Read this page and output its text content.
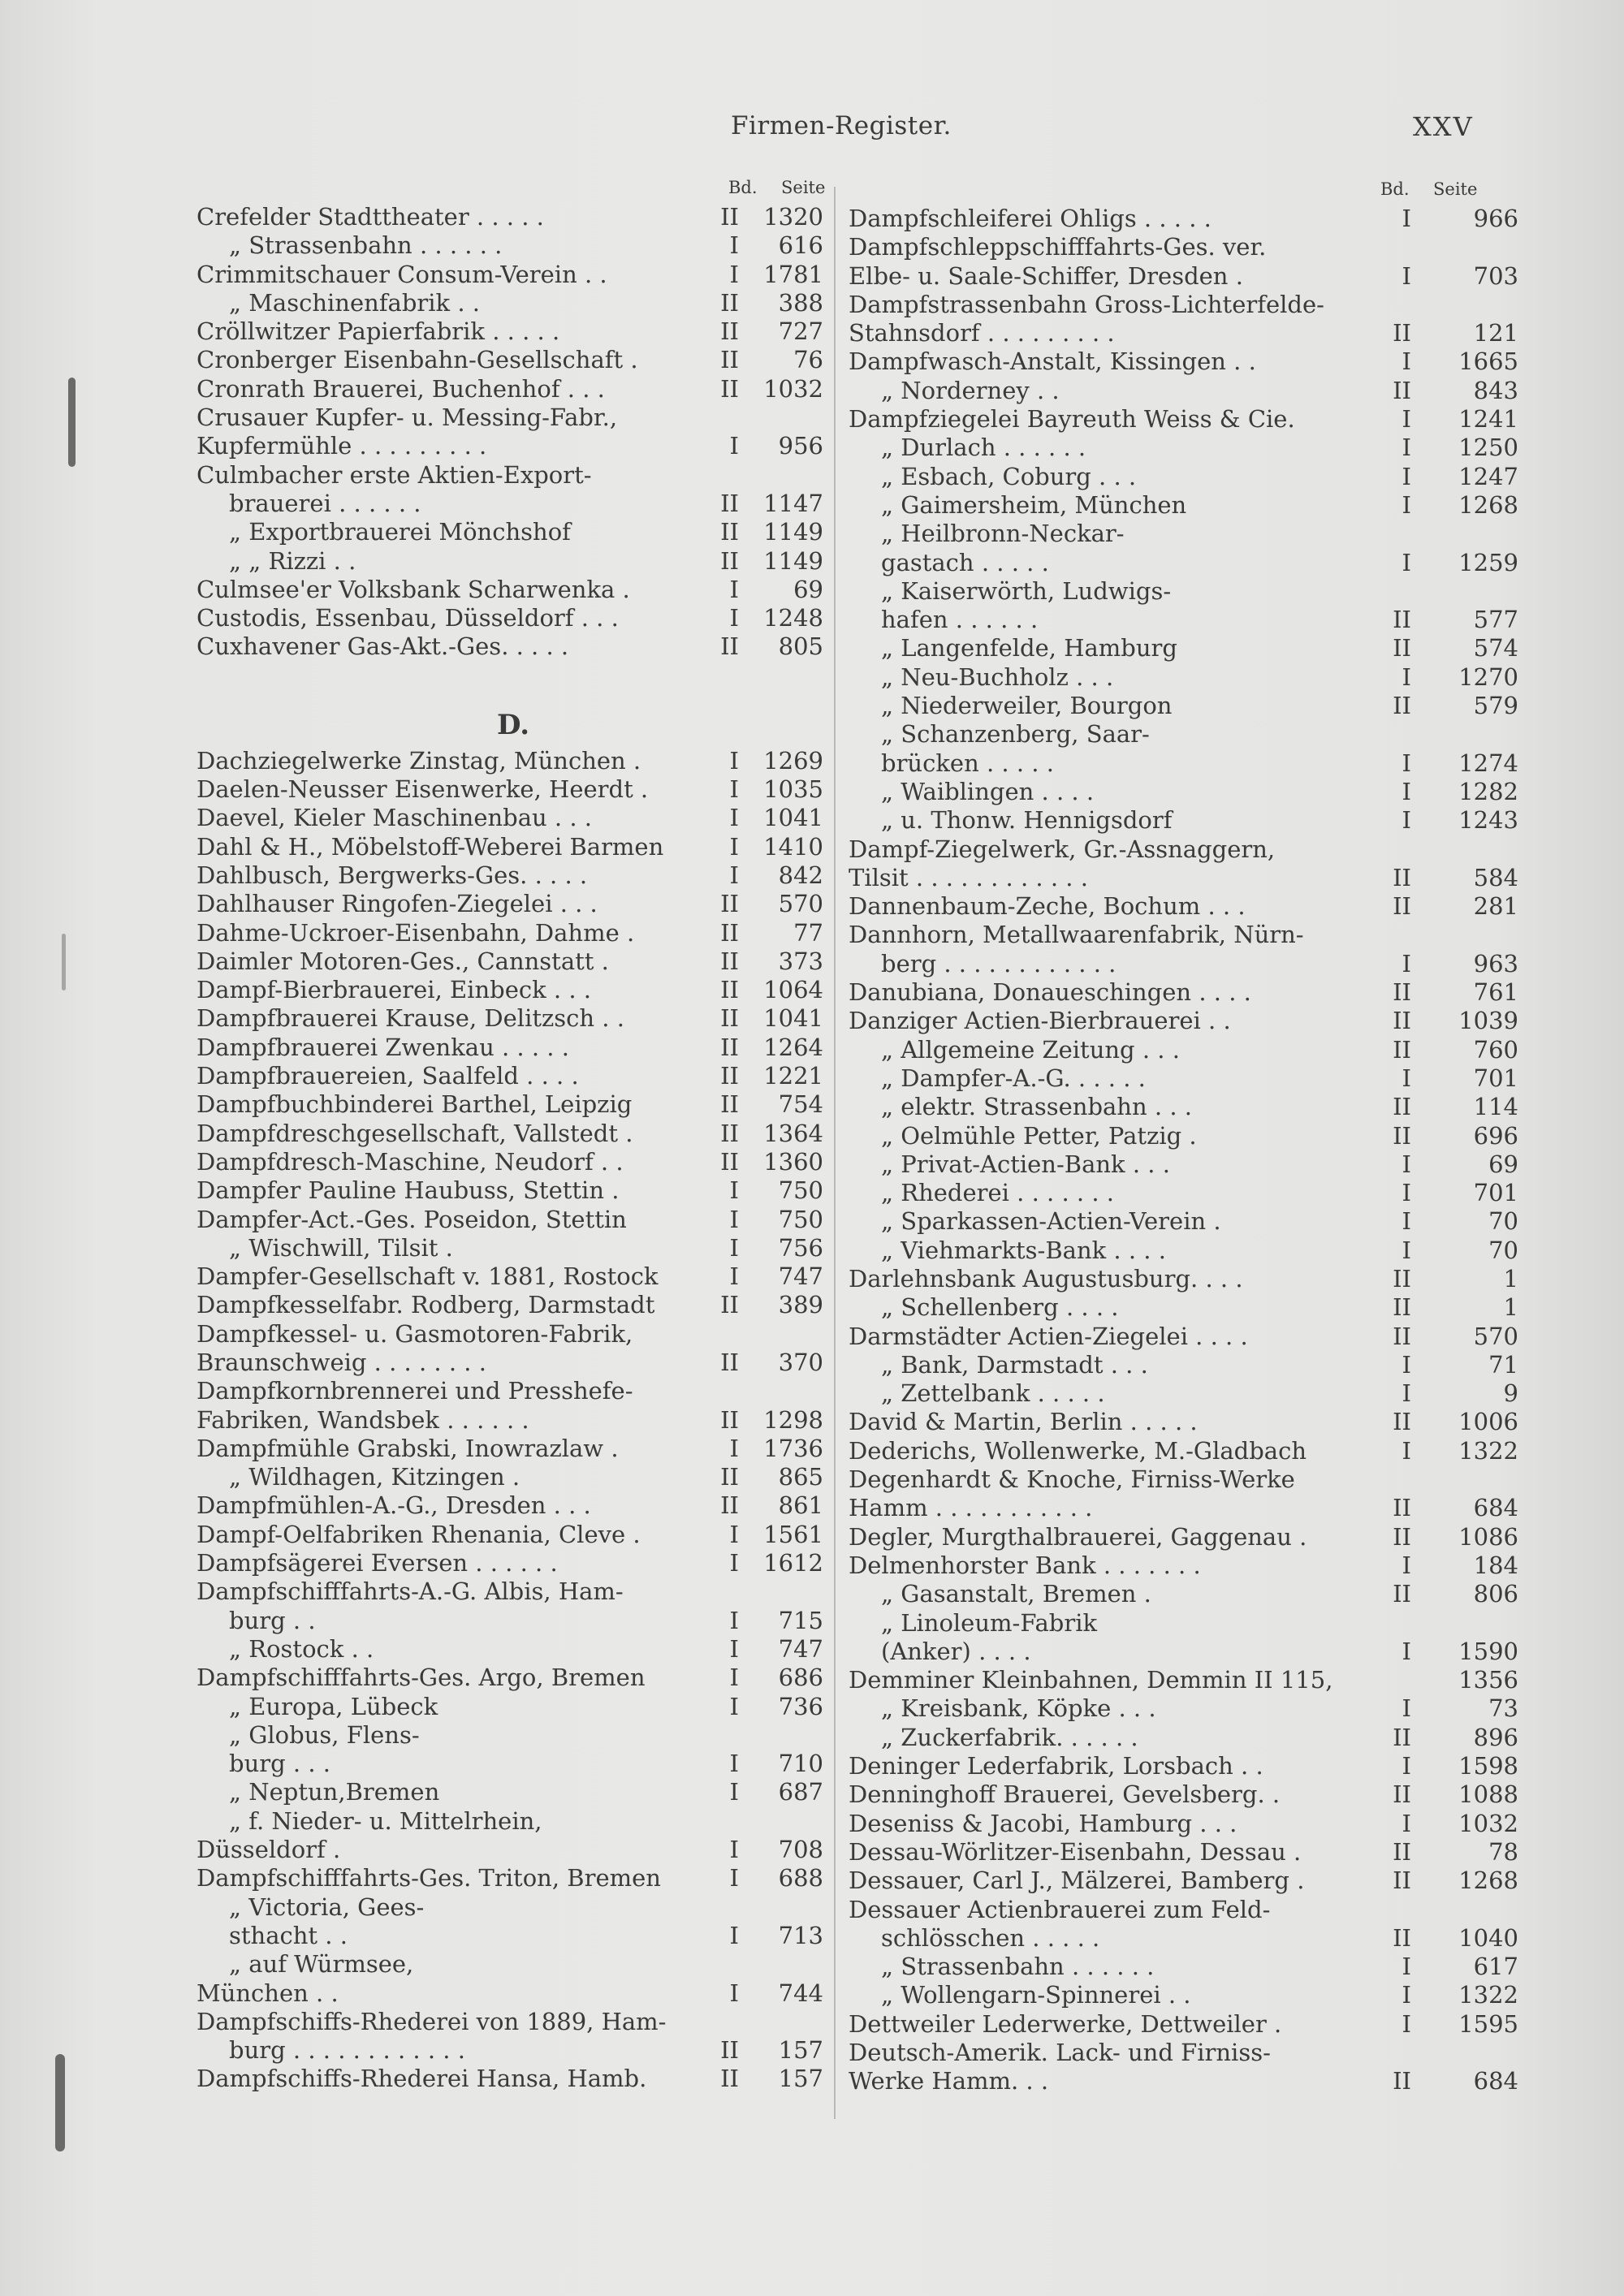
Firmen-Register.	XXV
Bd. Seite	Bd. Seite
Crefelder Stadttheater . . . . .	II	1320
„ Strassenbahn . . . . . .	I	616
Crimmitschauer Consum-Verein . .	I	1781
„ Maschinenfabrik . .	II	388
Cröllwitzer Papierfabrik . . . . .	II	727
Cronberger Eisenbahn-Gesellschaft .	II	76
Cronrath Brauerei, Buchenhof . . .	II	1032
Crusauer Kupfer- u. Messing-Fabr.,
Kupfermühle . . . . . . . . .	I	956
Culmbacher erste Aktien-Export-
brauerei . . . . . .	II	1147
„ Exportbrauerei Mönchshof	II	1149
„ „ Rizzi . .	II	1149
Culmsee'er Volksbank Scharwenka .	I	69
Custodis, Essenbau, Düsseldorf . . .	I	1248
Cuxhavener Gas-Akt.-Ges. . . . .	II	805
Dachziegelwerke Zinstag, München .	I	1269
Daelen-Neusser Eisenwerke, Heerdt .	I	1035
Daevel, Kieler Maschinenbau . . .	I	1041
Dahl & H., Möbelstoff-Weberei Barmen	I	1410
Dahlbusch, Bergwerks-Ges. . . . .	I	842
Dahlhauser Ringofen-Ziegelei . . .	II	570
Dahme-Uckroer-Eisenbahn, Dahme .	II	77
Daimler Motoren-Ges., Cannstatt .	II	373
Dampf-Bierbrauerei, Einbeck . . .	II	1064
Dampfbrauerei Krause, Delitzsch . .	II	1041
Dampfbrauerei Zwenkau . . . . .	II	1264
Dampfbrauereien, Saalfeld . . . .	II	1221
Dampfbuchbinderei Barthel, Leipzig	II	754
Dampfdreschgesellschaft, Vallstedt .	II	1364
Dampfdresch-Maschine, Neudorf . .	II	1360
Dampfer Pauline Haubuss, Stettin .	I	750
Dampfer-Act.-Ges. Poseidon, Stettin	I	750
„ Wischwill, Tilsit .	I	756
Dampfer-Gesellschaft v. 1881, Rostock	I	747
Dampfkesselfabr. Rodberg, Darmstadt	II	389
Dampfkessel- u. Gasmotoren-Fabrik,
Braunschweig . . . . . . . .	II	370
Dampfkornbrennerei und Presshefe-
Fabriken, Wandsbek . . . . . .	II	1298
Dampfmühle Grabski, Inowrazlaw .	I	1736
„ Wildhagen, Kitzingen .	II	865
Dampfmühlen-A.-G., Dresden . . .	II	861
Dampf-Oelfabriken Rhenania, Cleve .	I	1561
Dampfsägerei Eversen . . . . . .	I	1612
Dampfschifffahrts-A.-G. Albis, Ham-
burg . .	I	715
„ Rostock . .	I	747
Dampfschifffahrts-Ges. Argo, Bremen	I	686
„ Europa, Lübeck	I	736
„ Globus, Flens-
burg . . .	I	710
„ Neptun,Bremen	I	687
„ f. Nieder- u. Mittelrhein,
Düsseldorf .	I	708
Dampfschifffahrts-Ges. Triton, Bremen	I	688
„ Victoria, Gees-
sthacht . .	I	713
„ auf Würmsee,
München . .	I	744
Dampfschiffs-Rhederei von 1889, Ham-
burg . . . . . . . . . . . .	II	157
Dampfschiffs-Rhederei Hansa, Hamb.	II	157
D.
Dampfschleiferei Ohligs . . . . .	I	966
Dampfschleppschifffahrts-Ges. ver.
Elbe- u. Saale-Schiffer, Dresden .	I	703
Dampfstrassenbahn Gross-Lichterfelde-
Stahnsdorf . . . . . . . . .	II	121
Dampfwasch-Anstalt, Kissingen . .	I	1665
„ Norderney . .	II	843
Dampfziegelei Bayreuth Weiss & Cie.	I	1241
„ Durlach . . . . . .	I	1250
„ Esbach, Coburg . . .	I	1247
„ Gaimersheim, München	I	1268
„ Heilbronn-Neckar-
gastach . . . . .	I	1259
„ Kaiserwörth, Ludwigs-
hafen . . . . . .	II	577
„ Langenfelde, Hamburg	II	574
„ Neu-Buchholz . . .	I	1270
„ Niederweiler, Bourgon	II	579
„ Schanzenberg, Saar-
brücken . . . . .	I	1274
„ Waiblingen . . . .	I	1282
„ u. Thonw. Hennigsdorf	I	1243
Dampf-Ziegelwerk, Gr.-Assnaggern,
Tilsit . . . . . . . . . . . .	II	584
Dannenbaum-Zeche, Bochum . . .	II	281
Dannhorn, Metallwaarenfabrik, Nürn-
berg . . . . . . . . . . . .	I	963
Danubiana, Donaueschingen . . . .	II	761
Danziger Actien-Bierbrauerei . .	II	1039
„ Allgemeine Zeitung . . .	II	760
„ Dampfer-A.-G. . . . . .	I	701
„ elektr. Strassenbahn . . .	II	114
„ Oelmühle Petter, Patzig .	II	696
„ Privat-Actien-Bank . . .	I	69
„ Rhederei . . . . . . .	I	701
„ Sparkassen-Actien-Verein .	I	70
„ Viehmarkts-Bank . . . .	I	70
Darlehnsbank Augustusburg. . . .	II	1
„ Schellenberg . . . .	II	1
Darmstädter Actien-Ziegelei . . . .	II	570
„ Bank, Darmstadt . . .	I	71
„ Zettelbank . . . . .	I	9
David & Martin, Berlin . . . . .	II	1006
Dederichs, Wollenwerke, M.-Gladbach	I	1322
Degenhardt & Knoche, Firniss-Werke
Hamm . . . . . . . . . . .	II	684
Degler, Murgthalbrauerei, Gaggenau .	II	1086
Delmenhorster Bank . . . . . . .	I	184
„ Gasanstalt, Bremen .	II	806
„ Linoleum-Fabrik
(Anker) . . . .	I	1590
Demminer Kleinbahnen, Demmin II 115,	1356
„ Kreisbank, Köpke . . .	I	73
„ Zuckerfabrik. . . . . .	II	896
Deninger Lederfabrik, Lorsbach . .	I	1598
Denninghoff Brauerei, Gevelsberg. .	II	1088
Deseniss & Jacobi, Hamburg . . .	I	1032
Dessau-Wörlitzer-Eisenbahn, Dessau .	II	78
Dessauer, Carl J., Mälzerei, Bamberg .	II	1268
Dessauer Actienbrauerei zum Feld-
schlösschen . . . . .	II	1040
„ Strassenbahn . . . . . .	I	617
„ Wollengarn-Spinnerei . .	I	1322
Dettweiler Lederwerke, Dettweiler .	I	1595
Deutsch-Amerik. Lack- und Firniss-
Werke Hamm. . .	II	684
